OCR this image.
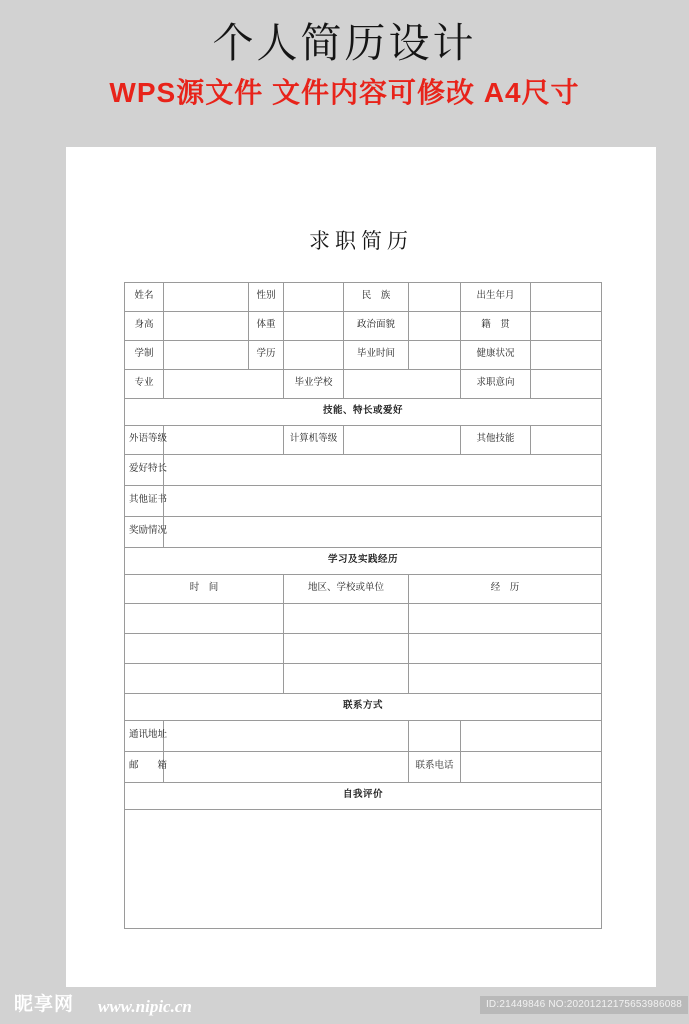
个人简历设计
WPS源文件 文件内容可修改 A4尺寸
求职简历
姓名		性别		民　族		出生年月	
身高		体重		政治面貌		籍　贯	
学制		学历		毕业时间		健康状况	
专业			毕业学校			求职意向	
技能、特长或爱好							
外语等级			计算机等级			其他技能	
爱好特长							
其他证书							
奖励情况							
学习及实践经历							
时　间			地区、学校或单位		经　历		

联系方式							
通讯地址							
邮　　箱					联系电话		
自我评价							

昵享网 www.nipic.cn	ID:21449846 NO:20201212175653986088
